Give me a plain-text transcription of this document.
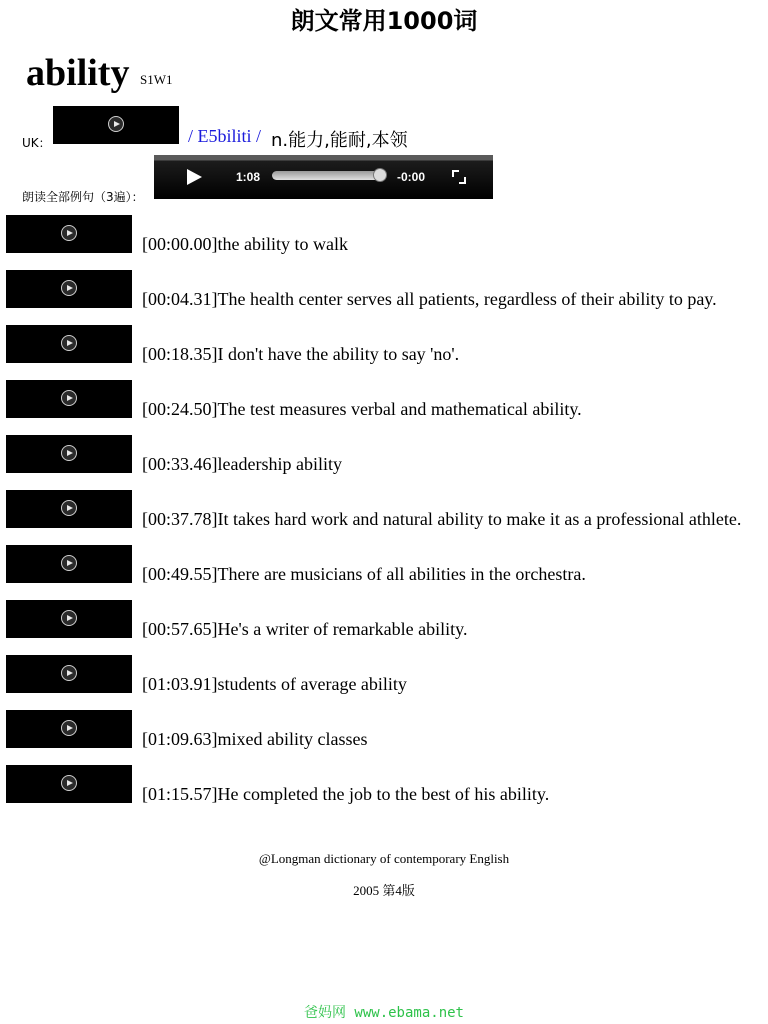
朗文常用1000词
ability S1W1
UK：	/ E5biliti / n.能力,能耐,本领
朗读全部例句（3遍）：
1:08	-0:00
[00:00.00]the ability to walk
[00:04.31]The health center serves all patients, regardless of their ability to pay.
[00:18.35]I don't have the ability to say 'no'.
[00:24.50]The test measures verbal and mathematical ability.
[00:33.46]leadership ability
[00:37.78]It takes hard work and natural ability to make it as a professional athlete.
[00:49.55]There are musicians of all abilities in the orchestra.
[00:57.65]He's a writer of remarkable ability.
[01:03.91]students of average ability
[01:09.63]mixed ability classes
[01:15.57]He completed the job to the best of his ability.
@Longman dictionary of contemporary English
2005 第4版
爸妈网 www.ebama.net
